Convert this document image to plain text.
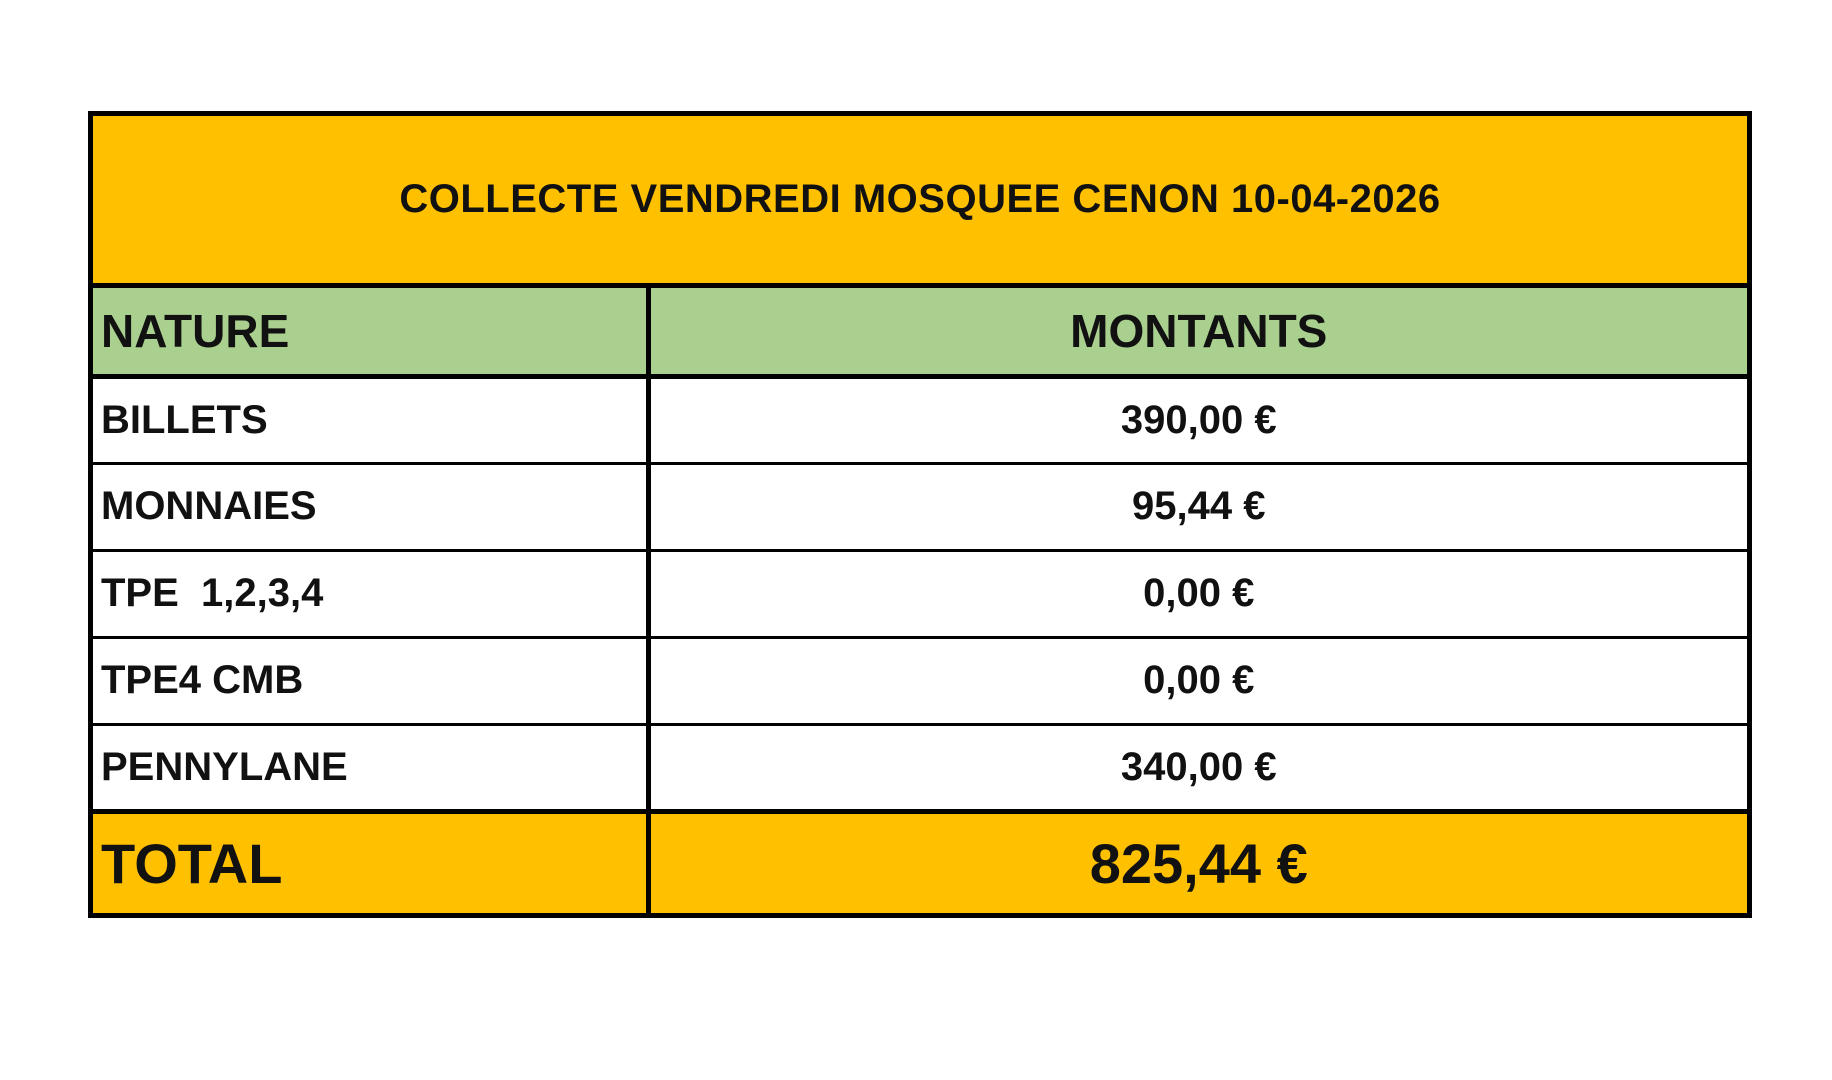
COLLECTE VENDREDI MOSQUEE CENON 10-04-2026
NATURE	MONTANTS
BILLETS	390,00 €
MONNAIES	95,44 €
TPE  1,2,3,4	0,00 €
TPE4 CMB	0,00 €
PENNYLANE	340,00 €
TOTAL	825,44 €
